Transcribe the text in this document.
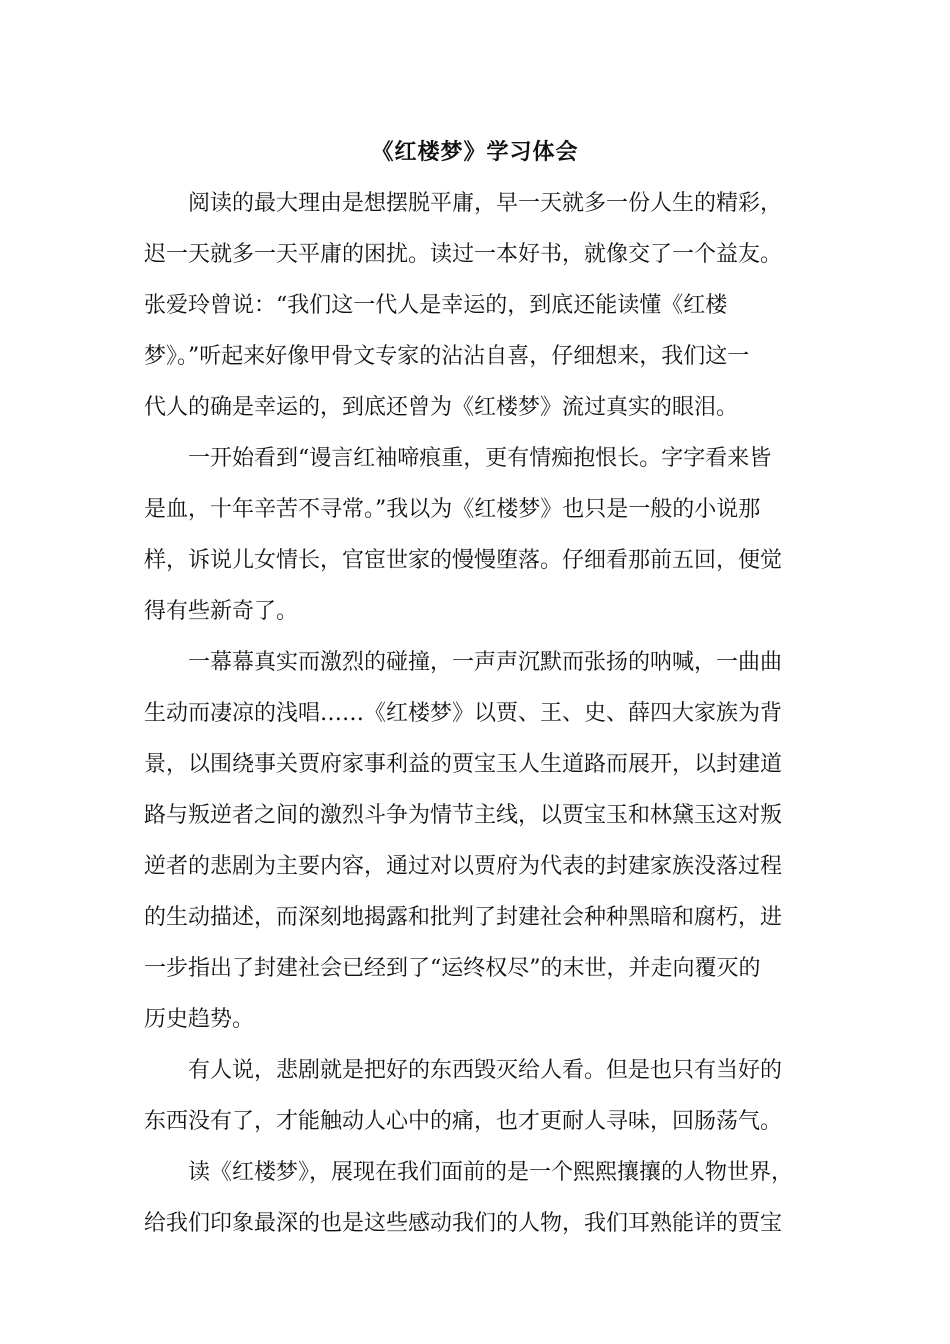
《红楼梦》学习体会

阅读的最大理由是想摆脱平庸，早一天就多一份人生的精彩，
迟一天就多一天平庸的困扰。读过一本好书，就像交了一个益友。
张爱玲曾说：“我们这一代人是幸运的，到底还能读懂《红楼
梦》。”听起来好像甲骨文专家的沾沾自喜，仔细想来，我们这一
代人的确是幸运的，到底还曾为《红楼梦》流过真实的眼泪。

一开始看到“谩言红袖啼痕重，更有情痴抱恨长。字字看来皆
是血，十年辛苦不寻常。”我以为《红楼梦》也只是一般的小说那
样，诉说儿女情长，官宦世家的慢慢堕落。仔细看那前五回，便觉
得有些新奇了。

一幕幕真实而激烈的碰撞，一声声沉默而张扬的呐喊，一曲曲
生动而凄凉的浅唱……《红楼梦》以贾、王、史、薛四大家族为背
景，以围绕事关贾府家事利益的贾宝玉人生道路而展开，以封建道
路与叛逆者之间的激烈斗争为情节主线，以贾宝玉和林黛玉这对叛
逆者的悲剧为主要内容，通过对以贾府为代表的封建家族没落过程
的生动描述，而深刻地揭露和批判了封建社会种种黑暗和腐朽，进
一步指出了封建社会已经到了“运终权尽”的末世，并走向覆灭的
历史趋势。

有人说，悲剧就是把好的东西毁灭给人看。但是也只有当好的
东西没有了，才能触动人心中的痛，也才更耐人寻味，回肠荡气。

读《红楼梦》，展现在我们面前的是一个熙熙攘攘的人物世界，
给我们印象最深的也是这些感动我们的人物，我们耳熟能详的贾宝
